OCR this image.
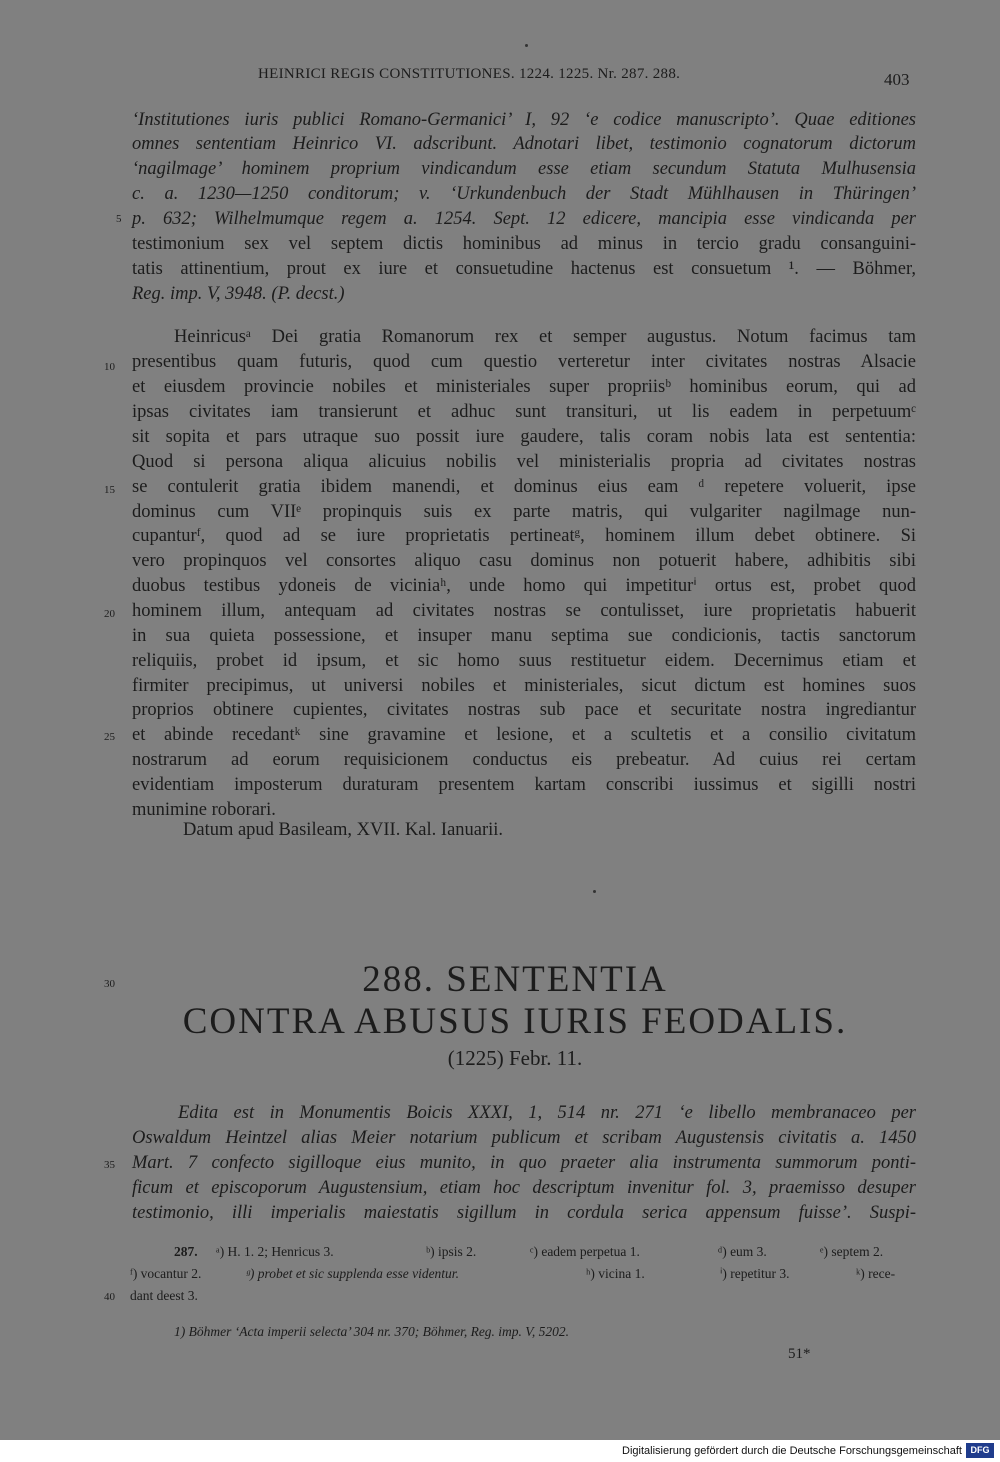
HEINRICI REGIS CONSTITUTIONES. 1224. 1225. Nr. 287. 288.	403
‘Institutiones iuris publici Romano-Germanici’ I, 92 ‘e codice manuscripto’. Quae editiones
omnes sententiam Heinrico VI. adscribunt. Adnotari libet, testimonio cognatorum dictorum
‘nagilmage’ hominem proprium vindicandum esse etiam secundum Statuta Mulhusensia
c. a. 1230—1250 conditorum; v. ‘Urkundenbuch der Stadt Mühlhausen in Thüringen’
p. 632; Wilhelmumque regem a. 1254. Sept. 12 edicere, mancipia esse vindicanda per
testimonium sex vel septem dictis hominibus ad minus in tercio gradu consanguini-
tatis attinentium, prout ex iure et consuetudine hactenus est consuetum ¹. — Böhmer,
Reg. imp. V, 3948. (P. decst.)
Heinricusᵃ Dei gratia Romanorum rex et semper augustus. Notum facimus tam
presentibus quam futuris, quod cum questio verteretur inter civitates nostras Alsacie
et eiusdem provincie nobiles et ministeriales super propriisᵇ hominibus eorum, qui ad
ipsas civitates iam transierunt et adhuc sunt transituri, ut lis eadem in perpetuumᶜ
sit sopita et pars utraque suo possit iure gaudere, talis coram nobis lata est sententia:
Quod si persona aliqua alicuius nobilis vel ministerialis propria ad civitates nostras
se contulerit gratia ibidem manendi, et dominus eius eam ᵈ repetere voluerit, ipse
dominus cum VIIᵉ propinquis suis ex parte matris, qui vulgariter nagilmage nun-
cupanturᶠ, quod ad se iure proprietatis pertineatᵍ, hominem illum debet obtinere. Si
vero propinquos vel consortes aliquo casu dominus non potuerit habere, adhibitis sibi
duobus testibus ydoneis de viciniaʰ, unde homo qui impetiturⁱ ortus est, probet quod
hominem illum, antequam ad civitates nostras se contulisset, iure proprietatis habuerit
in sua quieta possessione, et insuper manu septima sue condicionis, tactis sanctorum
reliquiis, probet id ipsum, et sic homo suus restituetur eidem. Decernimus etiam et
firmiter precipimus, ut universi nobiles et ministeriales, sicut dictum est homines suos
proprios obtinere cupientes, civitates nostras sub pace et securitate nostra ingrediantur
et abinde recedantᵏ sine gravamine et lesione, et a scultetis et a consilio civitatum
nostrarum ad eorum requisicionem conductus eis prebeatur. Ad cuius rei certam
evidentiam imposterum duraturam presentem kartam conscribi iussimus et sigilli nostri
munimine roborari.
Datum apud Basileam, XVII. Kal. Ianuarii.
288. SENTENTIA
CONTRA ABUSUS IURIS FEODALIS.
(1225) Febr. 11.
Edita est in Monumentis Boicis XXXI, 1, 514 nr. 271 ‘e libello membranaceo per
Oswaldum Heintzel alias Meier notarium publicum et scribam Augustensis civitatis a. 1450
Mart. 7 confecto sigilloque eius munito, in quo praeter alia instrumenta summorum ponti-
ficum et episcoporum Augustensium, etiam hoc descriptum invenitur fol. 3, praemisso desuper
testimonio, illi imperialis maiestatis sigillum in cordula serica appensum fuisse’. Suspi-
5
10
15
20
25
30
35
40
287. ᵃ) H. 1. 2; Henricus 3.	ᵇ) ipsis 2.	ᶜ) eadem perpetua 1.	ᵈ) eum 3.	ᵉ) septem 2.
ᶠ) vocantur 2.	ᵍ) probet et sic supplenda esse videntur.	ʰ) vicina 1.	ⁱ) repetitur 3.	ᵏ) rece-
dant deest 3.
1) Böhmer ‘Acta imperii selecta’ 304 nr. 370; Böhmer, Reg. imp. V, 5202.
51*
Digitalisierung gefördert durch die Deutsche Forschungsgemeinschaft DFG
